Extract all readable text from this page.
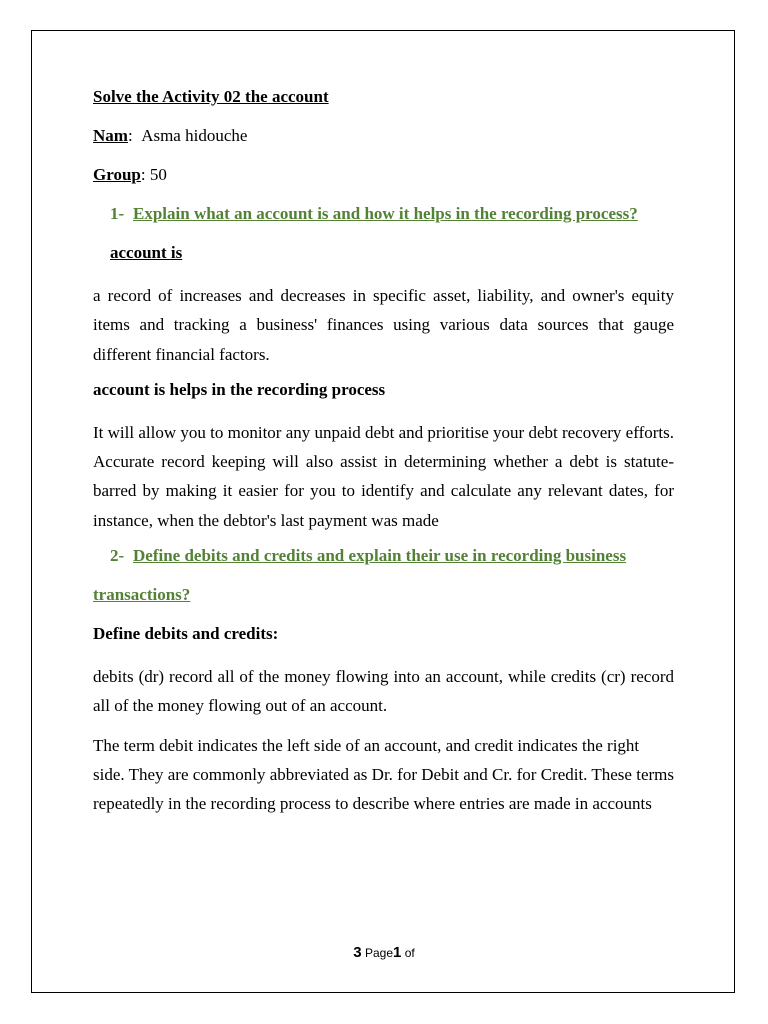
Solve the Activity 02 the account

Nam:  Asma hidouche

Group: 50

1- Explain what an account is and how it helps in the recording process?

account is

a record of increases and decreases in specific asset, liability, and owner's equity items and tracking a business' finances using various data sources that gauge different financial factors.

account is helps in the recording process

It will allow you to monitor any unpaid debt and prioritise your debt recovery efforts. Accurate record keeping will also assist in determining whether a debt is statute-barred by making it easier for you to identify and calculate any relevant dates, for instance, when the debtor's last payment was made

2- Define debits and credits and explain their use in recording business

transactions?

Define debits and credits:

debits (dr) record all of the money flowing into an account, while credits (cr) record all of the money flowing out of an account.

The term debit indicates the left side of an account, and credit indicates the right side. They are commonly abbreviated as Dr. for Debit and Cr. for Credit. These terms repeatedly in the recording process to describe where entries are made in accounts

3 Page1 of
